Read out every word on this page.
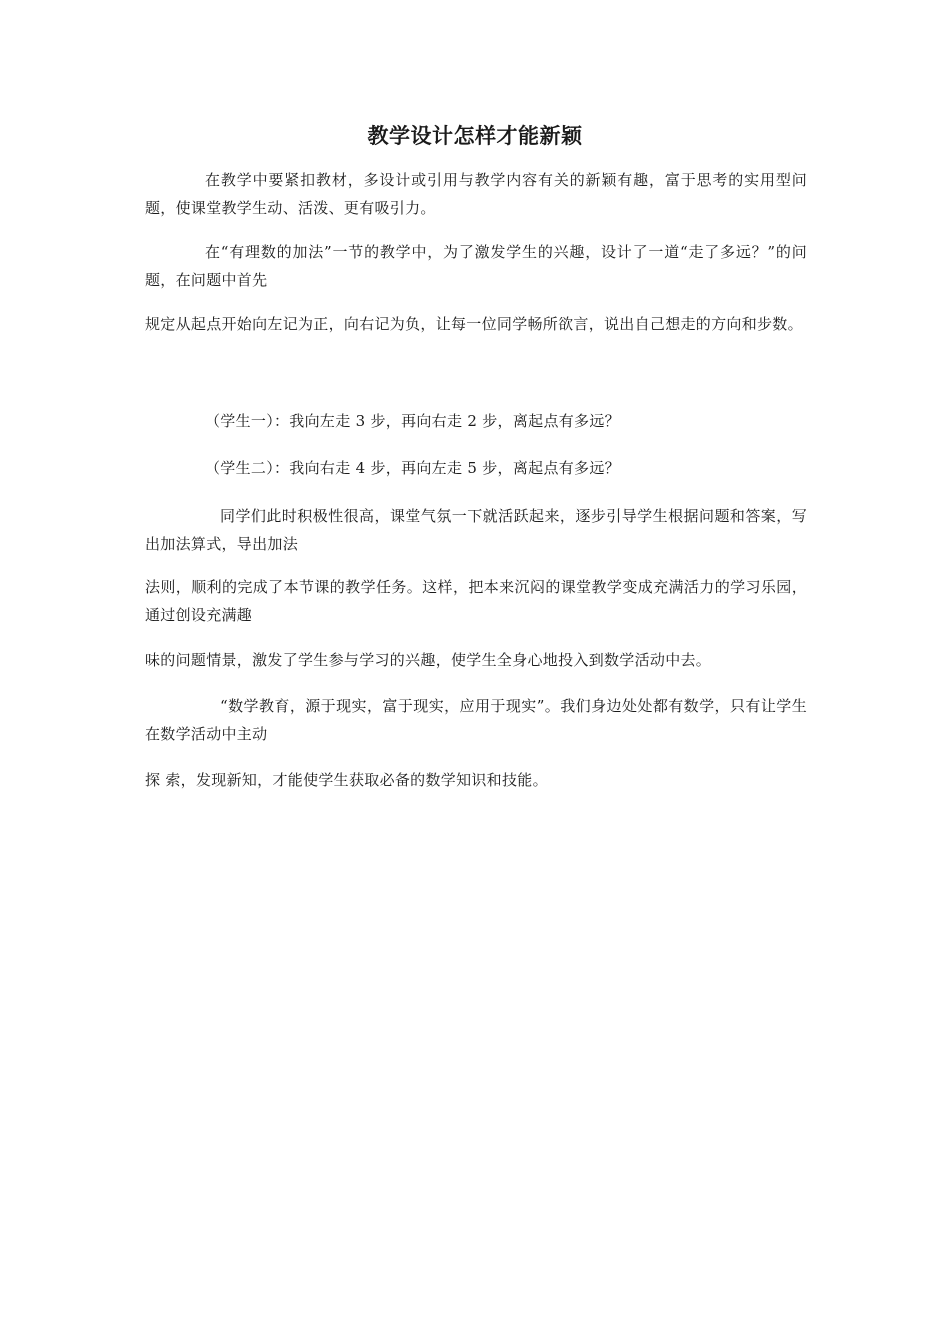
教学设计怎样才能新颖

在教学中要紧扣教材，多设计或引用与教学内容有关的新颖有趣，富于思考的实用型问题，使课堂教学生动、活泼、更有吸引力。

在“有理数的加法”一节的教学中，为了激发学生的兴趣，设计了一道“走了多远？”的问题，在问题中首先

规定从起点开始向左记为正，向右记为负，让每一位同学畅所欲言，说出自己想走的方向和步数。

（学生一）：我向左走 3 步，再向右走 2 步，离起点有多远？

（学生二）：我向右走 4 步，再向左走 5 步，离起点有多远？

同学们此时积极性很高，课堂气氛一下就活跃起来，逐步引导学生根据问题和答案，写出加法算式，导出加法

法则，顺利的完成了本节课的教学任务。这样，把本来沉闷的课堂教学变成充满活力的学习乐园，通过创设充满趣

味的问题情景，激发了学生参与学习的兴趣，使学生全身心地投入到数学活动中去。

“数学教育，源于现实，富于现实，应用于现实”。我们身边处处都有数学，只有让学生在数学活动中主动

探 索，发现新知，才能使学生获取必备的数学知识和技能。
